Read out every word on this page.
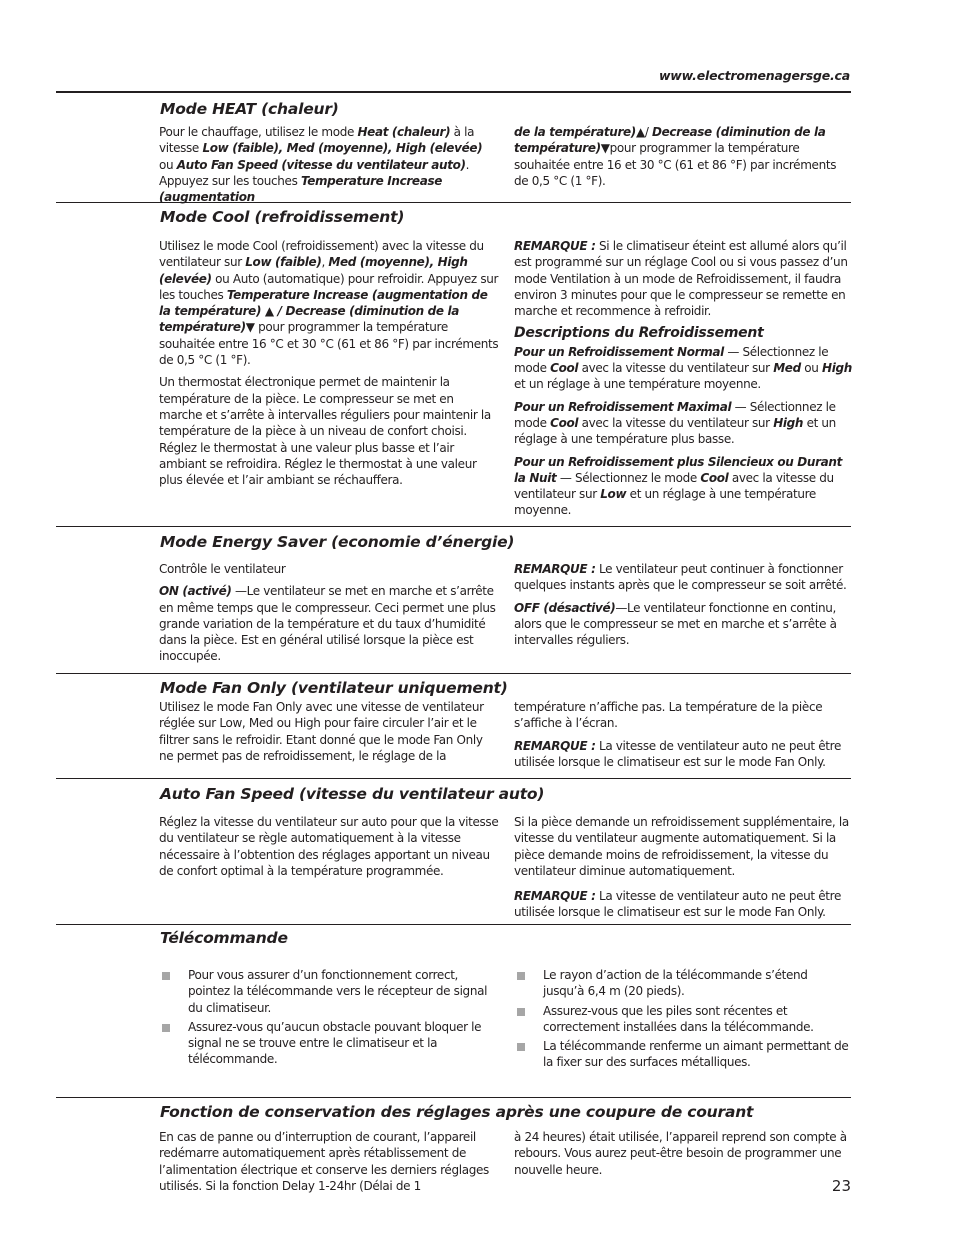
www.electromenagersge.ca
Mode HEAT (chaleur)

Pour le chauffage, utilisez le mode Heat (chaleur) à la vitesse Low (faible), Med (moyenne), High (elevée) ou Auto Fan Speed (vitesse du ventilateur auto). Appuyez sur les touches Temperature Increase (augmentation

de la température)▲/ Decrease (diminution de la température)▼pour programmer la température souhaitée entre 16 et 30 °C (61 et 86 °F) par incréments de 0,5 °C (1 °F).

Mode Cool (refroidissement)

Utilisez le mode Cool (refroidissement) avec la vitesse du ventilateur sur Low (faible), Med (moyenne), High (elevée) ou Auto (automatique) pour refroidir. Appuyez sur les touches Temperature Increase (augmentation de la température) ▲ / Decrease (diminution de la température)▼ pour programmer la température souhaitée entre 16 °C et 30 °C (61 et 86 °F) par incréments de 0,5 °C (1 °F).

Un thermostat électronique permet de maintenir la température de la pièce. Le compresseur se met en marche et s’arrête à intervalles réguliers pour maintenir la température de la pièce à un niveau de confort choisi. Réglez le thermostat à une valeur plus basse et l’air ambiant se refroidira. Réglez le thermostat à une valeur plus élevée et l’air ambiant se réchauffera.

REMARQUE : Si le climatiseur éteint est allumé alors qu’il est programmé sur un réglage Cool ou si vous passez d’un mode Ventilation à un mode de Refroidissement, il faudra environ 3 minutes pour que le compresseur se remette en marche et recommence à refroidir.

Descriptions du Refroidissement

Pour un Refroidissement Normal — Sélectionnez le mode Cool avec la vitesse du ventilateur sur Med ou High et un réglage à une température moyenne.

Pour un Refroidissement Maximal — Sélectionnez le mode Cool avec la vitesse du ventilateur sur High et un réglage à une température plus basse.

Pour un Refroidissement plus Silencieux ou Durant la Nuit — Sélectionnez le mode Cool avec la vitesse du ventilateur sur Low et un réglage à une température moyenne.

Mode Energy Saver (economie d’énergie)

Contrôle le ventilateur

ON (activé) —Le ventilateur se met en marche et s’arrête en même temps que le compresseur. Ceci permet une plus grande variation de la température et du taux d’humidité dans la pièce. Est en général utilisé lorsque la pièce est inoccupée.

REMARQUE : Le ventilateur peut continuer à fonctionner quelques instants après que le compresseur se soit arrêté.

OFF (désactivé)—Le ventilateur fonctionne en continu, alors que le compresseur se met en marche et s’arrête à intervalles réguliers.

Mode Fan Only (ventilateur uniquement)

Utilisez le mode Fan Only avec une vitesse de ventilateur réglée sur Low, Med ou High pour faire circuler l’air et le filtrer sans le refroidir. Etant donné que le mode Fan Only ne permet pas de refroidissement, le réglage de la

température n’affiche pas. La température de la pièce s’affiche à l’écran.

REMARQUE : La vitesse de ventilateur auto ne peut être utilisée lorsque le climatiseur est sur le mode Fan Only.

Auto Fan Speed (vitesse du ventilateur auto)

Réglez la vitesse du ventilateur sur auto pour que la vitesse du ventilateur se règle automatiquement à la vitesse nécessaire à l’obtention des réglages apportant un niveau de confort optimal à la température programmée.

Si la pièce demande un refroidissement supplémentaire, la vitesse du ventilateur augmente automatiquement. Si la pièce demande moins de refroidissement, la vitesse du ventilateur diminue automatiquement.

REMARQUE : La vitesse de ventilateur auto ne peut être utilisée lorsque le climatiseur est sur le mode Fan Only.

Télécommande
Pour vous assurer d’un fonctionnement correct, pointez la télécommande vers le récepteur de signal du climatiseur.
Assurez-vous qu’aucun obstacle pouvant bloquer le signal ne se trouve entre le climatiseur et la télécommande.
Le rayon d’action de la télécommande s’étend jusqu’à 6,4 m (20 pieds).
Assurez-vous que les piles sont récentes et correctement installées dans la télécommande.
La télécommande renferme un aimant permettant de la fixer sur des surfaces métalliques.
Fonction de conservation des réglages après une coupure de courant

En cas de panne ou d’interruption de courant, l’appareil redémarre automatiquement après rétablissement de l’alimentation électrique et conserve les derniers réglages utilisés. Si la fonction Delay 1-24hr (Délai de 1

à 24 heures) était utilisée, l’appareil reprend son compte à rebours. Vous aurez peut-être besoin de programmer une nouvelle heure.

23
